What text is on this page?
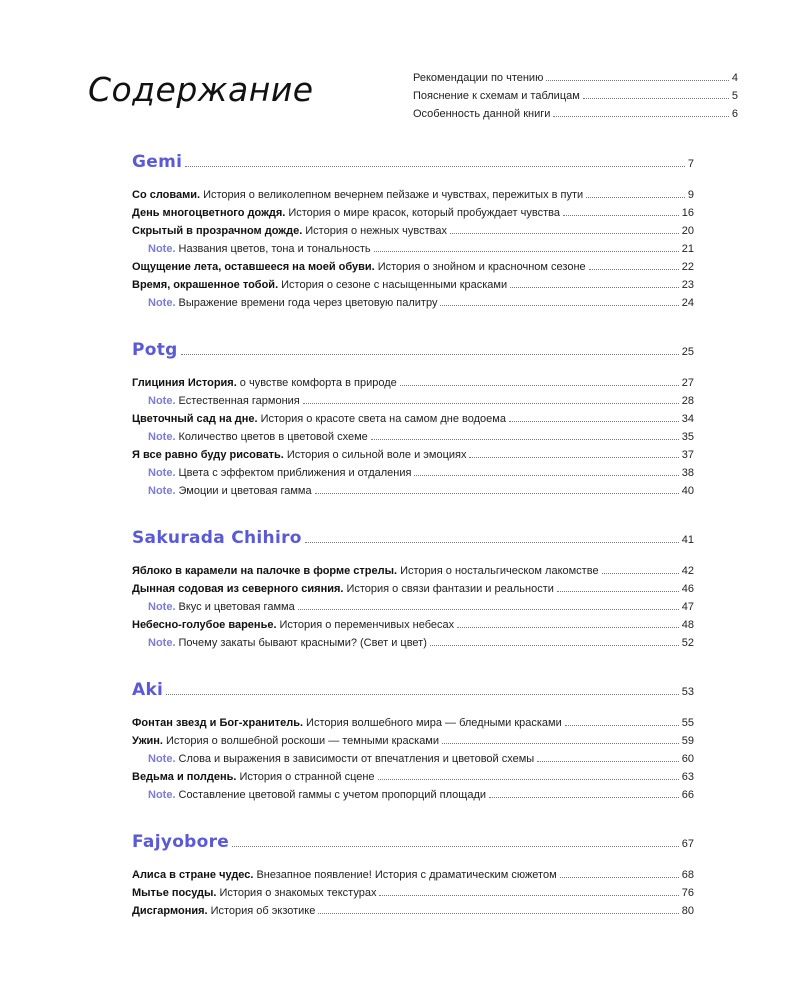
Содержание	Рекомендации по чтению	4
Пояснение к схемам и таблицам	5
Особенность данной книги	6
Gemi	7
Со словами. История о великолепном вечернем пейзаже и чувствах, пережитых в пути	9
День многоцветного дождя. История о мире красок, который пробуждает чувства	16
Скрытый в прозрачном дожде. История о нежных чувствах	20
Note. Названия цветов, тона и тональность	21
Ощущение лета, оставшееся на моей обуви. История о знойном и красночном сезоне	22
Время, окрашенное тобой. История о сезоне с насыщенными красками	23
Note. Выражение времени года через цветовую палитру	24
Potg	25
Глициния История. о чувстве комфорта в природе	27
Note. Естественная гармония	28
Цветочный сад на дне. История о красоте света на самом дне водоема	34
Note. Количество цветов в цветовой схеме	35
Я все равно буду рисовать. История о сильной воле и эмоциях	37
Note. Цвета с эффектом приближения и отдаления	38
Note. Эмоции и цветовая гамма	40
Sakurada Chihiro	41
Яблоко в карамели на палочке в форме стрелы. История о ностальгическом лакомстве	42
Дынная содовая из северного сияния. История о связи фантазии и реальности	46
Note. Вкус и цветовая гамма	47
Небесно-голубое варенье. История о переменчивых небесах	48
Note. Почему закаты бывают красными? (Свет и цвет)	52
Aki	53
Фонтан звезд и Бог-хранитель. История волшебного мира — бледными красками	55
Ужин. История о волшебной роскоши — темными красками	59
Note. Слова и выражения в зависимости от впечатления и цветовой схемы	60
Ведьма и полдень. История о странной сцене	63
Note. Составление цветовой гаммы с учетом пропорций площади	66
Fajyobore	67
Алиса в стране чудес. Внезапное появление! История с драматическим сюжетом	68
Мытье посуды. История о знакомых текстурах	76
Дисгармония. История об экзотике	80
